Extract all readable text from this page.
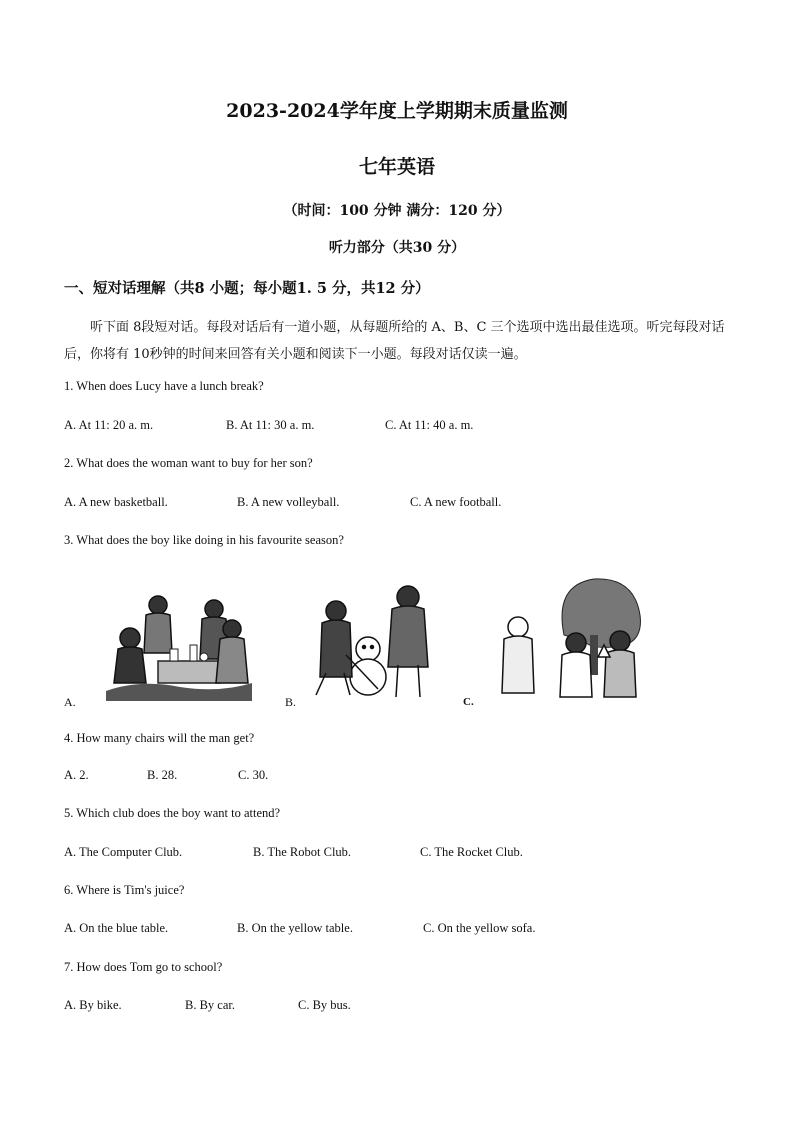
2023-2024学年度上学期期末质量监测
七年英语
（时间：100 分钟 满分：120 分）
听力部分（共30 分）
一、短对话理解（共8 小题；每小题1. 5 分，共12 分）
听下面 8段短对话。每段对话后有一道小题，从每题所给的 A、B、C 三个选项中选出最佳选项。听完每段对话后，你将有 10秒钟的时间来回答有关小题和阅读下一小题。每段对话仅读一遍。
1. When does Lucy have a lunch break?
A. At 11: 20 a. m.	B. At 11: 30 a. m.	C. At 11: 40 a. m.
2. What does the woman want to buy for her son?
A. A new basketball.	B. A new volleyball.	C. A new football.
3. What does the boy like doing in his favourite season?
A.	B.	C.
4. How many chairs will the man get?
A. 2.	B. 28.	C. 30.
5. Which club does the boy want to attend?
A. The Computer Club.	B. The Robot Club.	C. The Rocket Club.
6. Where is Tim's juice?
A. On the blue table.	B. On the yellow table.	C. On the yellow sofa.
7. How does Tom go to school?
A. By bike.	B. By car.	C. By bus.
